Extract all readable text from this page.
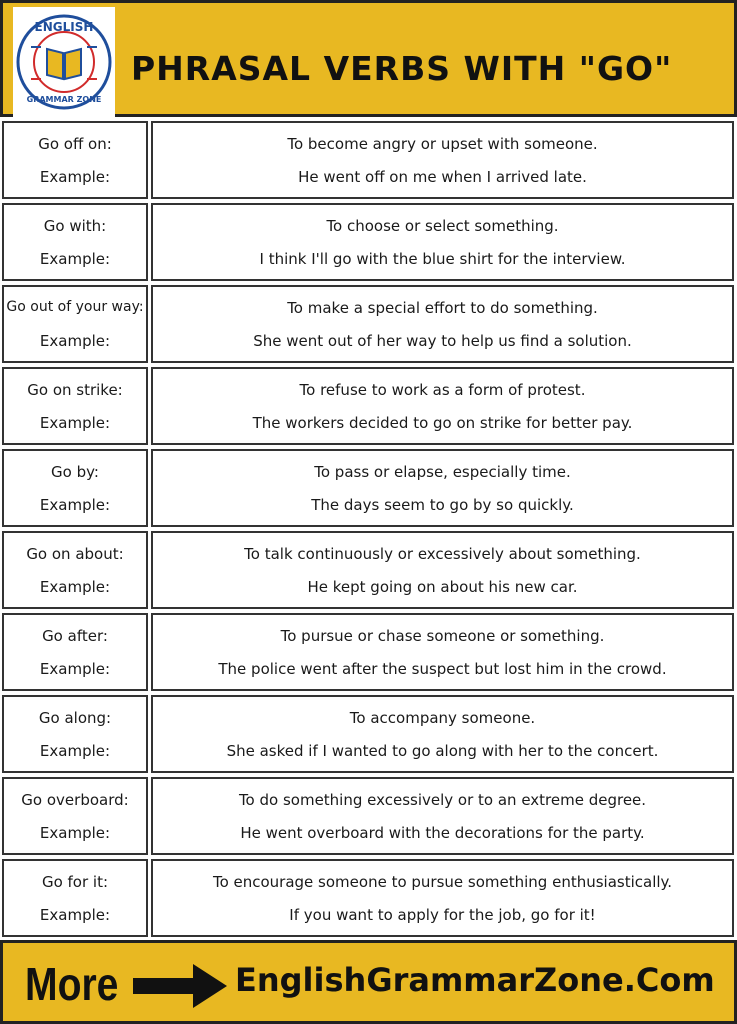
ENGLISH
GRAMMAR ZONE
PHRASAL VERBS WITH "GO"
Go off on:
Example:
To become angry or upset with someone.
He went off on me when I arrived late.
Go with:
Example:
To choose or select something.
I think I'll go with the blue shirt for the interview.
Go out of your way:
Example:
To make a special effort to do something.
She went out of her way to help us find a solution.
Go on strike:
Example:
To refuse to work as a form of protest.
The workers decided to go on strike for better pay.
Go by:
Example:
To pass or elapse, especially time.
The days seem to go by so quickly.
Go on about:
Example:
To talk continuously or excessively about something.
He kept going on about his new car.
Go after:
Example:
To pursue or chase someone or something.
The police went after the suspect but lost him in the crowd.
Go along:
Example:
To accompany someone.
She asked if I wanted to go along with her to the concert.
Go overboard:
Example:
To do something excessively or to an extreme degree.
He went overboard with the decorations for the party.
Go for it:
Example:
To encourage someone to pursue something enthusiastically.
If you want to apply for the job, go for it!
More	EnglishGrammarZone.Com
